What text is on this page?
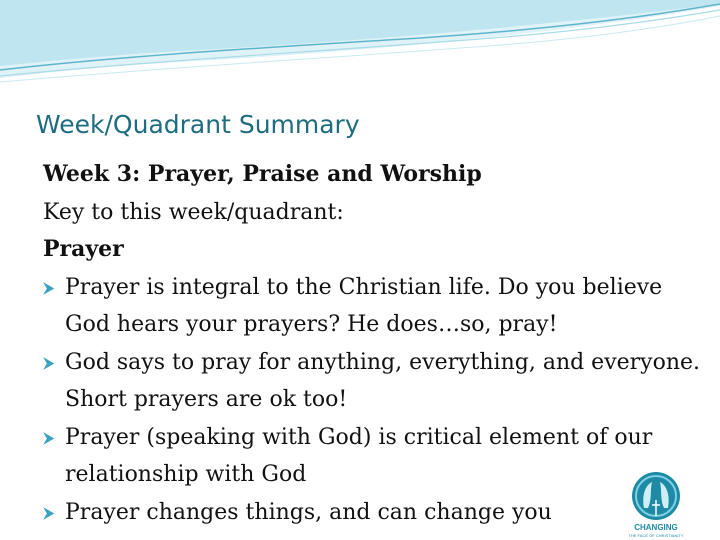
Week/Quadrant Summary
Week 3: Prayer, Praise and Worship
Key to this week/quadrant:
Prayer
⮞ Prayer is integral to the Christian life. Do you believe God hears your prayers? He does…so, pray!
⮞ God says to pray for anything, everything, and everyone. Short prayers are ok too!
⮞ Prayer (speaking with God) is critical element of our relationship with God
⮞ Prayer changes things, and can change you
CHANGING
THE FACE OF CHRISTIANITY
